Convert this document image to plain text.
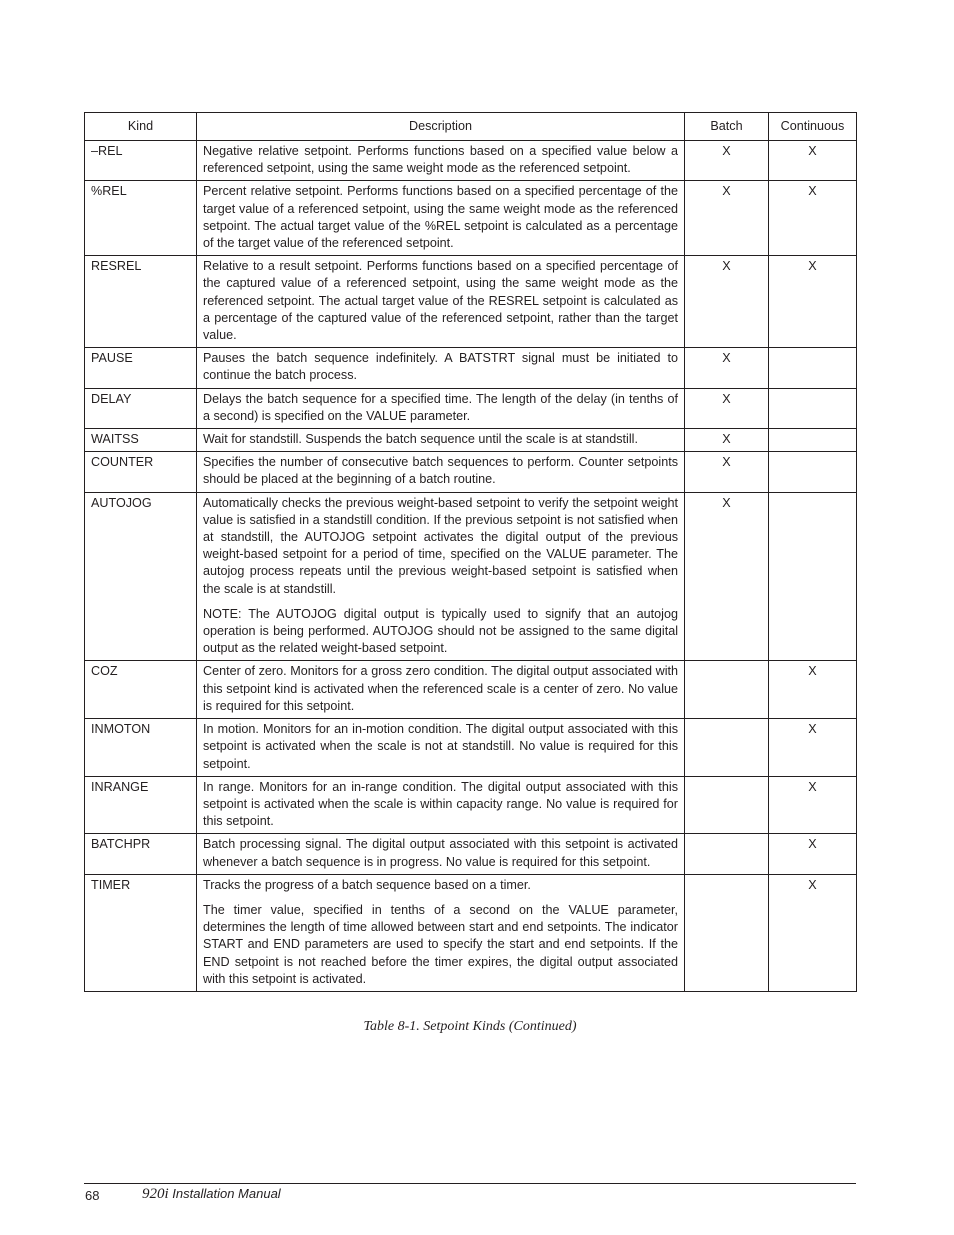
Kind	Description	Batch	Continuous
–REL	Negative relative setpoint. Performs functions based on a specified value below a referenced setpoint, using the same weight mode as the referenced setpoint.	X	X
%REL	Percent relative setpoint. Performs functions based on a specified percentage of the target value of a referenced setpoint, using the same weight mode as the referenced setpoint. The actual target value of the %REL setpoint is calculated as a percentage of the target value of the referenced setpoint.	X	X
RESREL	Relative to a result setpoint. Performs functions based on a specified percentage of the captured value of a referenced setpoint, using the same weight mode as the referenced setpoint. The actual target value of the RESREL setpoint is calculated as a percentage of the captured value of the referenced setpoint, rather than the target value.	X	X
PAUSE	Pauses the batch sequence indefinitely. A BATSTRT signal must be initiated to continue the batch process.	X	
DELAY	Delays the batch sequence for a specified time. The length of the delay (in tenths of a second) is specified on the VALUE parameter.	X	
WAITSS	Wait for standstill. Suspends the batch sequence until the scale is at standstill.	X	
COUNTER	Specifies the number of consecutive batch sequences to perform. Counter setpoints should be placed at the beginning of a batch routine.	X	
AUTOJOG	Automatically checks the previous weight-based setpoint to verify the setpoint weight value is satisfied in a standstill condition. If the previous setpoint is not satisfied when at standstill, the AUTOJOG setpoint activates the digital output of the previous weight-based setpoint for a period of time, specified on the VALUE parameter. The autojog process repeats until the previous weight-based setpoint is satisfied when the scale is at standstill.

NOTE: The AUTOJOG digital output is typically used to signify that an autojog operation is being performed. AUTOJOG should not be assigned to the same digital output as the related weight-based setpoint.	X	
COZ	Center of zero. Monitors for a gross zero condition. The digital output associated with this setpoint kind is activated when the referenced scale is a center of zero. No value is required for this setpoint.		X
INMOTON	In motion. Monitors for an in-motion condition. The digital output associated with this setpoint is activated when the scale is not at standstill. No value is required for this setpoint.		X
INRANGE	In range. Monitors for an in-range condition. The digital output associated with this setpoint is activated when the scale is within capacity range. No value is required for this setpoint.		X
BATCHPR	Batch processing signal. The digital output associated with this setpoint is activated whenever a batch sequence is in progress. No value is required for this setpoint.		X
TIMER	Tracks the progress of a batch sequence based on a timer.

The timer value, specified in tenths of a second on the VALUE parameter, determines the length of time allowed between start and end setpoints. The indicator START and END parameters are used to specify the start and end setpoints. If the END setpoint is not reached before the timer expires, the digital output associated with this setpoint is activated.		X
Table 8-1. Setpoint Kinds (Continued)
68	920i Installation Manual
